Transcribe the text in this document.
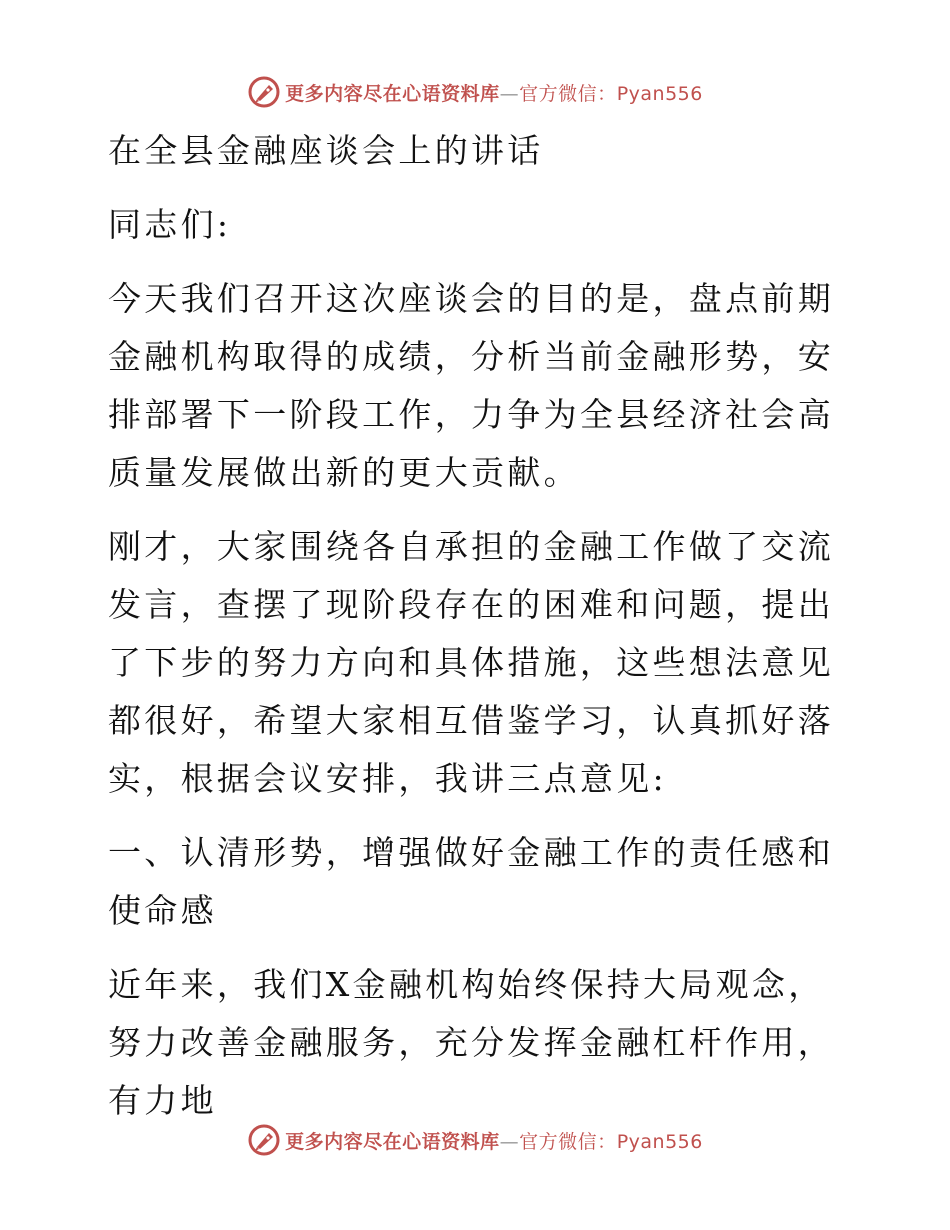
更多内容尽在心语资料库—官方微信：Pyan556

在全县金融座谈会上的讲话

同志们:

今天我们召开这次座谈会的目的是，盘点前期金融机构取得的成绩，分析当前金融形势，安排部署下一阶段工作，力争为全县经济社会高质量发展做出新的更大贡献。

刚才，大家围绕各自承担的金融工作做了交流发言，查摆了现阶段存在的困难和问题，提出了下步的努力方向和具体措施，这些想法意见都很好，希望大家相互借鉴学习，认真抓好落实，根据会议安排，我讲三点意见:

一、认清形势，增强做好金融工作的责任感和使命感

近年来，我们X金融机构始终保持大局观念，努力改善金融服务，充分发挥金融杠杆作用，有力地

更多内容尽在心语资料库—官方微信：Pyan556
